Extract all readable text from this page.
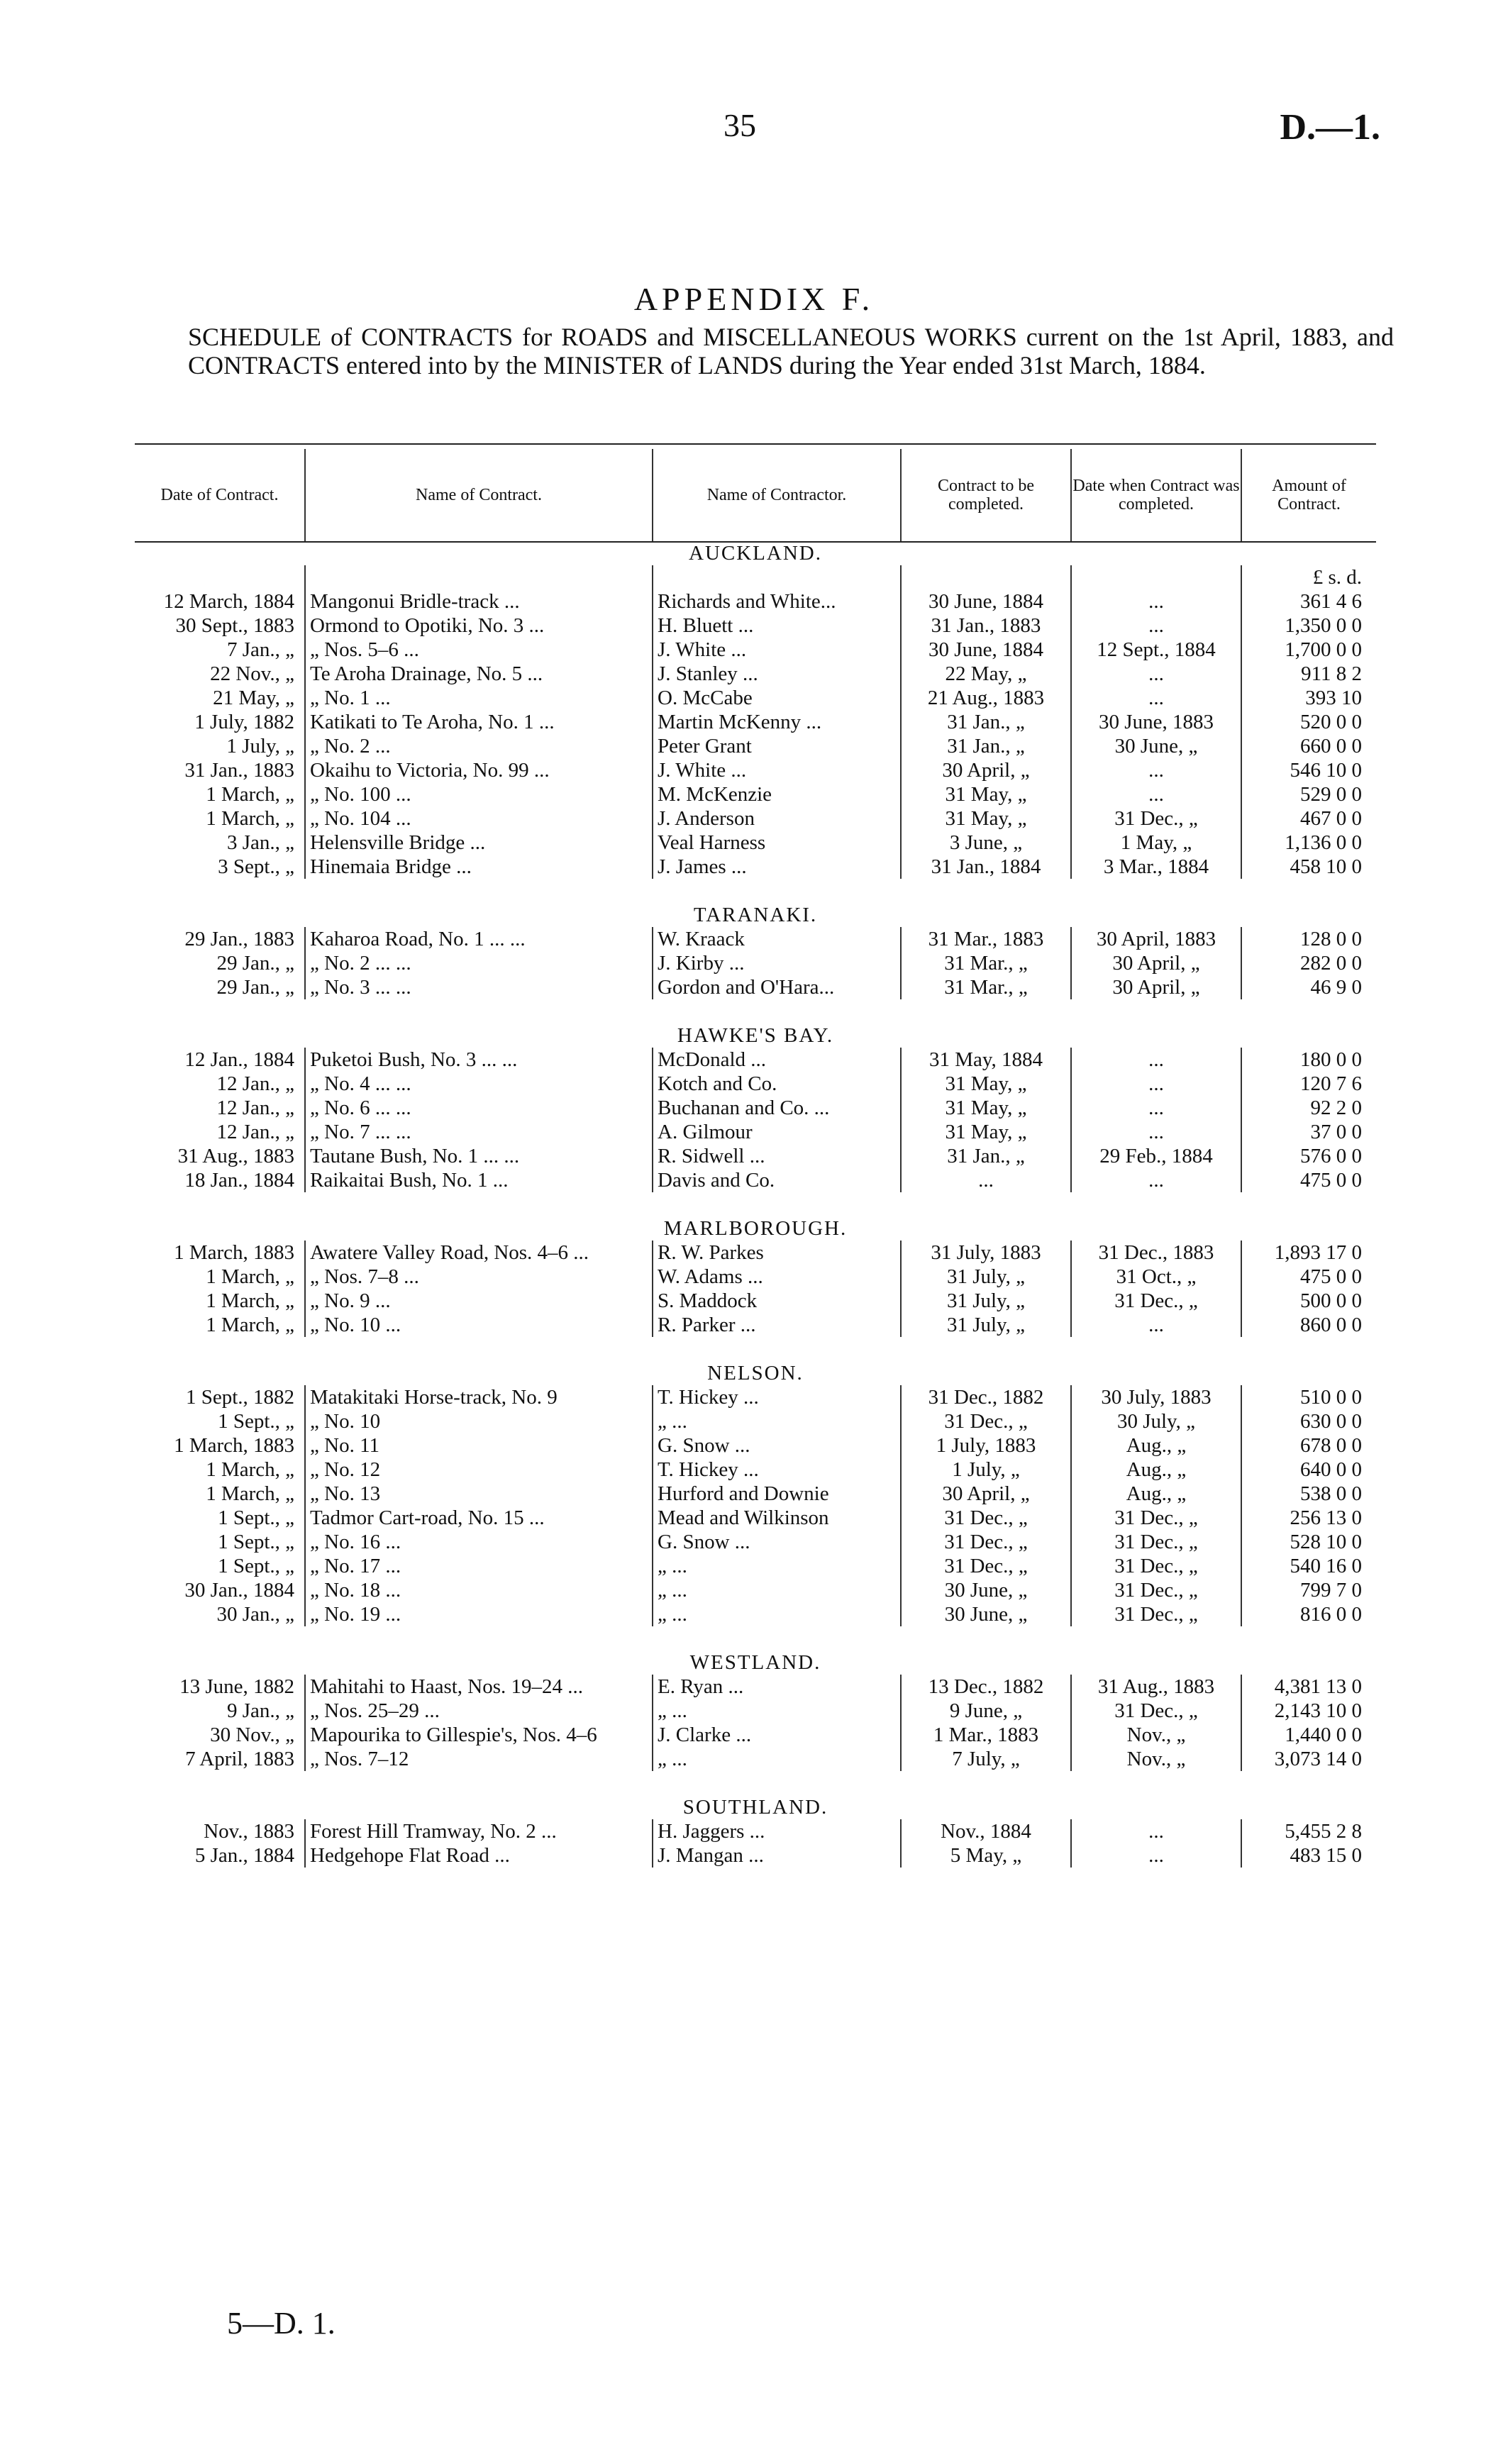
35	D.—1.
APPENDIX F.
SCHEDULE of CONTRACTS for ROADS and MISCELLANEOUS WORKS current on the 1st April, 1883, and CONTRACTS entered into by the MINISTER of LANDS during the Year ended 31st March, 1884.
Date of Contract.	Name of Contract.	Name of Contractor.	Contract to be completed.	Date when Contract was completed.	Amount of Contract.
AUCKLAND.					
					£ s. d.
12 March, 1884	Mangonui Bridle-track ...	Richards and White...	30 June, 1884	...	361 4 6
30 Sept., 1883	Ormond to Opotiki, No. 3 ...	H. Bluett ...	31 Jan., 1883	...	1,350 0 0
7 Jan., „	„ Nos. 5–6 ...	J. White ...	30 June, 1884	12 Sept., 1884	1,700 0 0
22 Nov., „	Te Aroha Drainage, No. 5 ...	J. Stanley ...	22 May, „	...	911 8 2
21 May, „	„ No. 1 ...	O. McCabe	21 Aug., 1883	...	393 10
1 July, 1882	Katikati to Te Aroha, No. 1 ...	Martin McKenny ...	31 Jan., „	30 June, 1883	520 0 0
1 July, „	„ No. 2 ...	Peter Grant	31 Jan., „	30 June, „	660 0 0
31 Jan., 1883	Okaihu to Victoria, No. 99 ...	J. White ...	30 April, „	...	546 10 0
1 March, „	„ No. 100 ...	M. McKenzie	31 May, „	...	529 0 0
1 March, „	„ No. 104 ...	J. Anderson	31 May, „	31 Dec., „	467 0 0
3 Jan., „	Helensville Bridge ...	Veal Harness	3 June, „	1 May, „	1,136 0 0
3 Sept., „	Hinemaia Bridge ...	J. James ...	31 Jan., 1884	3 Mar., 1884	458 10 0

TARANAKI.					
29 Jan., 1883	Kaharoa Road, No. 1 ... ...	W. Kraack	31 Mar., 1883	30 April, 1883	128 0 0
29 Jan., „	„ No. 2 ... ...	J. Kirby ...	31 Mar., „	30 April, „	282 0 0
29 Jan., „	„ No. 3 ... ...	Gordon and O'Hara...	31 Mar., „	30 April, „	46 9 0

HAWKE'S BAY.					
12 Jan., 1884	Puketoi Bush, No. 3 ... ...	McDonald ...	31 May, 1884	...	180 0 0
12 Jan., „	„ No. 4 ... ...	Kotch and Co.	31 May, „	...	120 7 6
12 Jan., „	„ No. 6 ... ...	Buchanan and Co. ...	31 May, „	...	92 2 0
12 Jan., „	„ No. 7 ... ...	A. Gilmour	31 May, „	...	37 0 0
31 Aug., 1883	Tautane Bush, No. 1 ... ...	R. Sidwell ...	31 Jan., „	29 Feb., 1884	576 0 0
18 Jan., 1884	Raikaitai Bush, No. 1 ...	Davis and Co.	...	...	475 0 0

MARLBOROUGH.					
1 March, 1883	Awatere Valley Road, Nos. 4–6 ...	R. W. Parkes	31 July, 1883	31 Dec., 1883	1,893 17 0
1 March, „	„ Nos. 7–8 ...	W. Adams ...	31 July, „	31 Oct., „	475 0 0
1 March, „	„ No. 9 ...	S. Maddock	31 July, „	31 Dec., „	500 0 0
1 March, „	„ No. 10 ...	R. Parker ...	31 July, „	...	860 0 0

NELSON.					
1 Sept., 1882	Matakitaki Horse-track, No. 9	T. Hickey ...	31 Dec., 1882	30 July, 1883	510 0 0
1 Sept., „	„ No. 10	„ ...	31 Dec., „	30 July, „	630 0 0
1 March, 1883	„ No. 11	G. Snow ...	1 July, 1883	Aug., „	678 0 0
1 March, „	„ No. 12	T. Hickey ...	1 July, „	Aug., „	640 0 0
1 March, „	„ No. 13	Hurford and Downie	30 April, „	Aug., „	538 0 0
1 Sept., „	Tadmor Cart-road, No. 15 ...	Mead and Wilkinson	31 Dec., „	31 Dec., „	256 13 0
1 Sept., „	„ No. 16 ...	G. Snow ...	31 Dec., „	31 Dec., „	528 10 0
1 Sept., „	„ No. 17 ...	„ ...	31 Dec., „	31 Dec., „	540 16 0
30 Jan., 1884	„ No. 18 ...	„ ...	30 June, „	31 Dec., „	799 7 0
30 Jan., „	„ No. 19 ...	„ ...	30 June, „	31 Dec., „	816 0 0

WESTLAND.					
13 June, 1882	Mahitahi to Haast, Nos. 19–24 ...	E. Ryan ...	13 Dec., 1882	31 Aug., 1883	4,381 13 0
9 Jan., „	„ Nos. 25–29 ...	„ ...	9 June, „	31 Dec., „	2,143 10 0
30 Nov., „	Mapourika to Gillespie's, Nos. 4–6	J. Clarke ...	1 Mar., 1883	Nov., „	1,440 0 0
7 April, 1883	„ Nos. 7–12	„ ...	7 July, „	Nov., „	3,073 14 0

SOUTHLAND.					
Nov., 1883	Forest Hill Tramway, No. 2 ...	H. Jaggers ...	Nov., 1884	...	5,455 2 8
5 Jan., 1884	Hedgehope Flat Road ...	J. Mangan ...	5 May, „	...	483 15 0

5—D. 1.
